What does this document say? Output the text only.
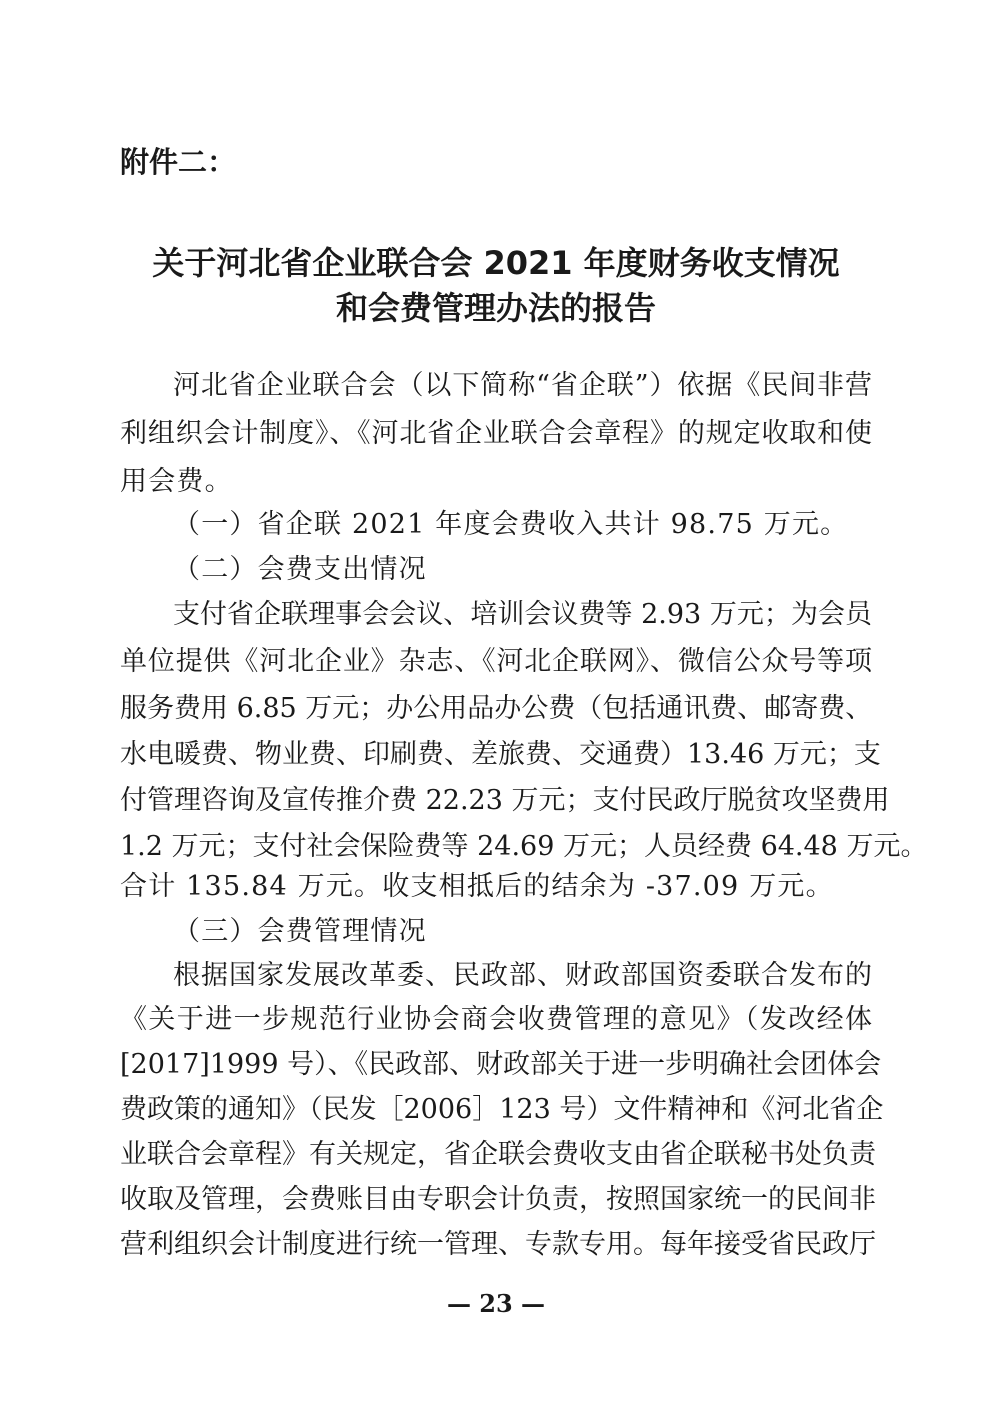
附件二：

关于河北省企业联合会 2021 年度财务收支情况
和会费管理办法的报告

河北省企业联合会（以下简称“省企联”）依据《民间非营

利组织会计制度》、《河北省企业联合会章程》的规定收取和使

用会费。

（一）省企联 2021 年度会费收入共计 98.75 万元。

（二）会费支出情况

支付省企联理事会会议、培训会议费等 2.93 万元；为会员

单位提供《河北企业》杂志、《河北企联网》、微信公众号等项

服务费用 6.85 万元；办公用品办公费（包括通讯费、邮寄费、

水电暖费、物业费、印刷费、差旅费、交通费）13.46 万元；支

付管理咨询及宣传推介费 22.23 万元；支付民政厅脱贫攻坚费用

1.2 万元；支付社会保险费等 24.69 万元；人员经费 64.48 万元。

合计 135.84 万元。收支相抵后的结余为 -37.09 万元。

（三）会费管理情况

根据国家发展改革委、民政部、财政部国资委联合发布的

《关于进一步规范行业协会商会收费管理的意见》（发改经体

[2017]1999 号）、《民政部、财政部关于进一步明确社会团体会

费政策的通知》（民发［2006］123 号）文件精神和《河北省企

业联合会章程》有关规定，省企联会费收支由省企联秘书处负责

收取及管理，会费账目由专职会计负责，按照国家统一的民间非

营利组织会计制度进行统一管理、专款专用。每年接受省民政厅

— 23 —
